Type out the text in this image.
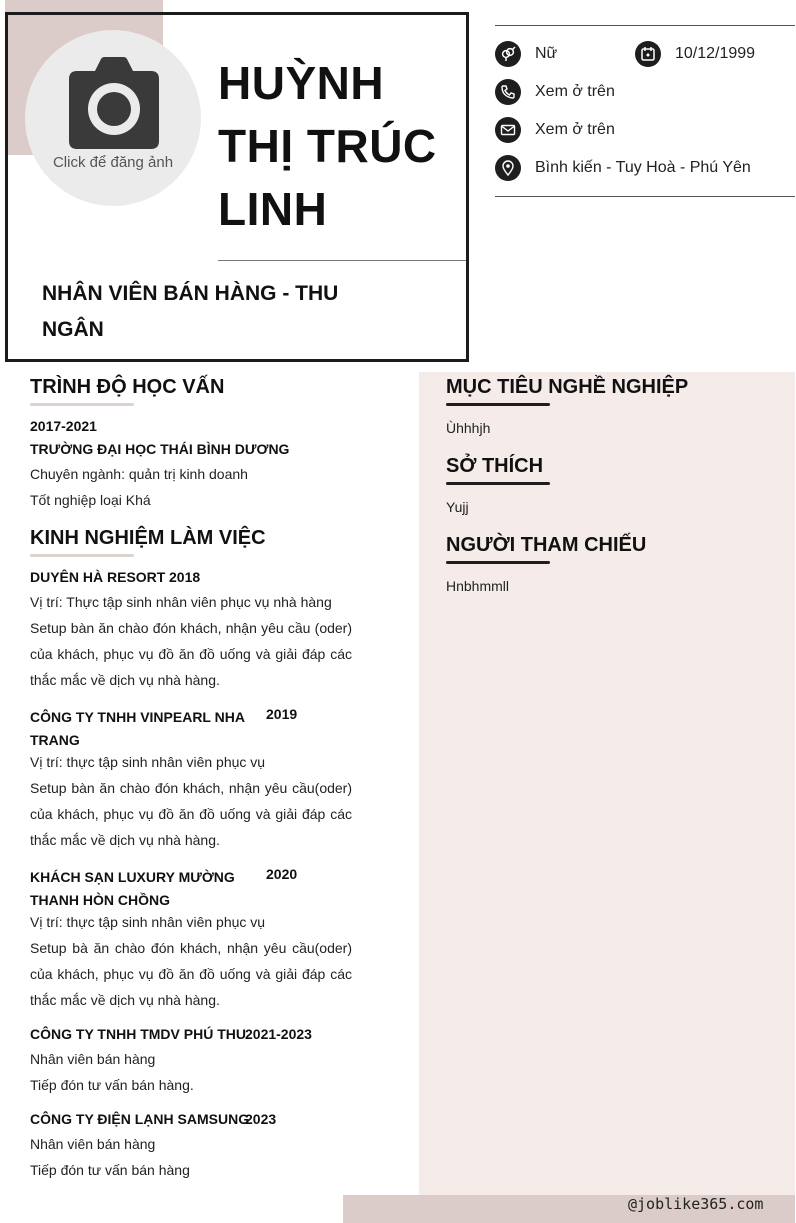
Click để đăng ảnh
HUỲNH THỊ TRÚC LINH
NHÂN VIÊN BÁN HÀNG - THU NGÂN
Nữ	10/12/1999
Xem ở trên
Xem ở trên
Bình kiến - Tuy Hoà - Phú Yên
TRÌNH ĐỘ HỌC VẤN
2017-2021
TRƯỜNG ĐẠI HỌC THÁI BÌNH DƯƠNG
Chuyên ngành: quản trị kinh doanh
Tốt nghiệp loại Khá
KINH NGHIỆM LÀM VIỆC
DUYÊN HÀ RESORT 2018
Vị trí: Thực tập sinh nhân viên phục vụ nhà hàng
Setup bàn ăn chào đón khách, nhận yêu cầu (oder) của khách, phục vụ đồ ăn đồ uống và giải đáp các thắc mắc về dịch vụ nhà hàng.
CÔNG TY TNHH VINPEARL NHA TRANG
2019
Vị trí: thực tập sinh nhân viên phục vụ
Setup bàn ăn chào đón khách, nhận yêu cầu(oder) của khách, phục vụ đồ ăn đồ uống và giải đáp các thắc mắc về dịch vụ nhà hàng.
KHÁCH SẠN LUXURY MƯỜNG THANH HÒN CHỒNG
2020
Vị trí: thực tập sinh nhân viên phục vụ
Setup bà ăn chào đón khách, nhận yêu cầu(oder) của khách, phục vụ đồ ăn đồ uống và giải đáp các thắc mắc về dịch vụ nhà hàng.
CÔNG TY TNHH TMDV PHÚ THU 2021-2023
Nhân viên bán hàng
Tiếp đón tư vấn bán hàng.
CÔNG TY ĐIỆN LẠNH SAMSUNG
2023
Nhân viên bán hàng
Tiếp đón tư vấn bán hàng
MỤC TIÊU NGHỀ NGHIỆP
Ùhhhjh
SỞ THÍCH
Yujj
NGƯỜI THAM CHIẾU
Hnbhmmll
@joblike365.com
